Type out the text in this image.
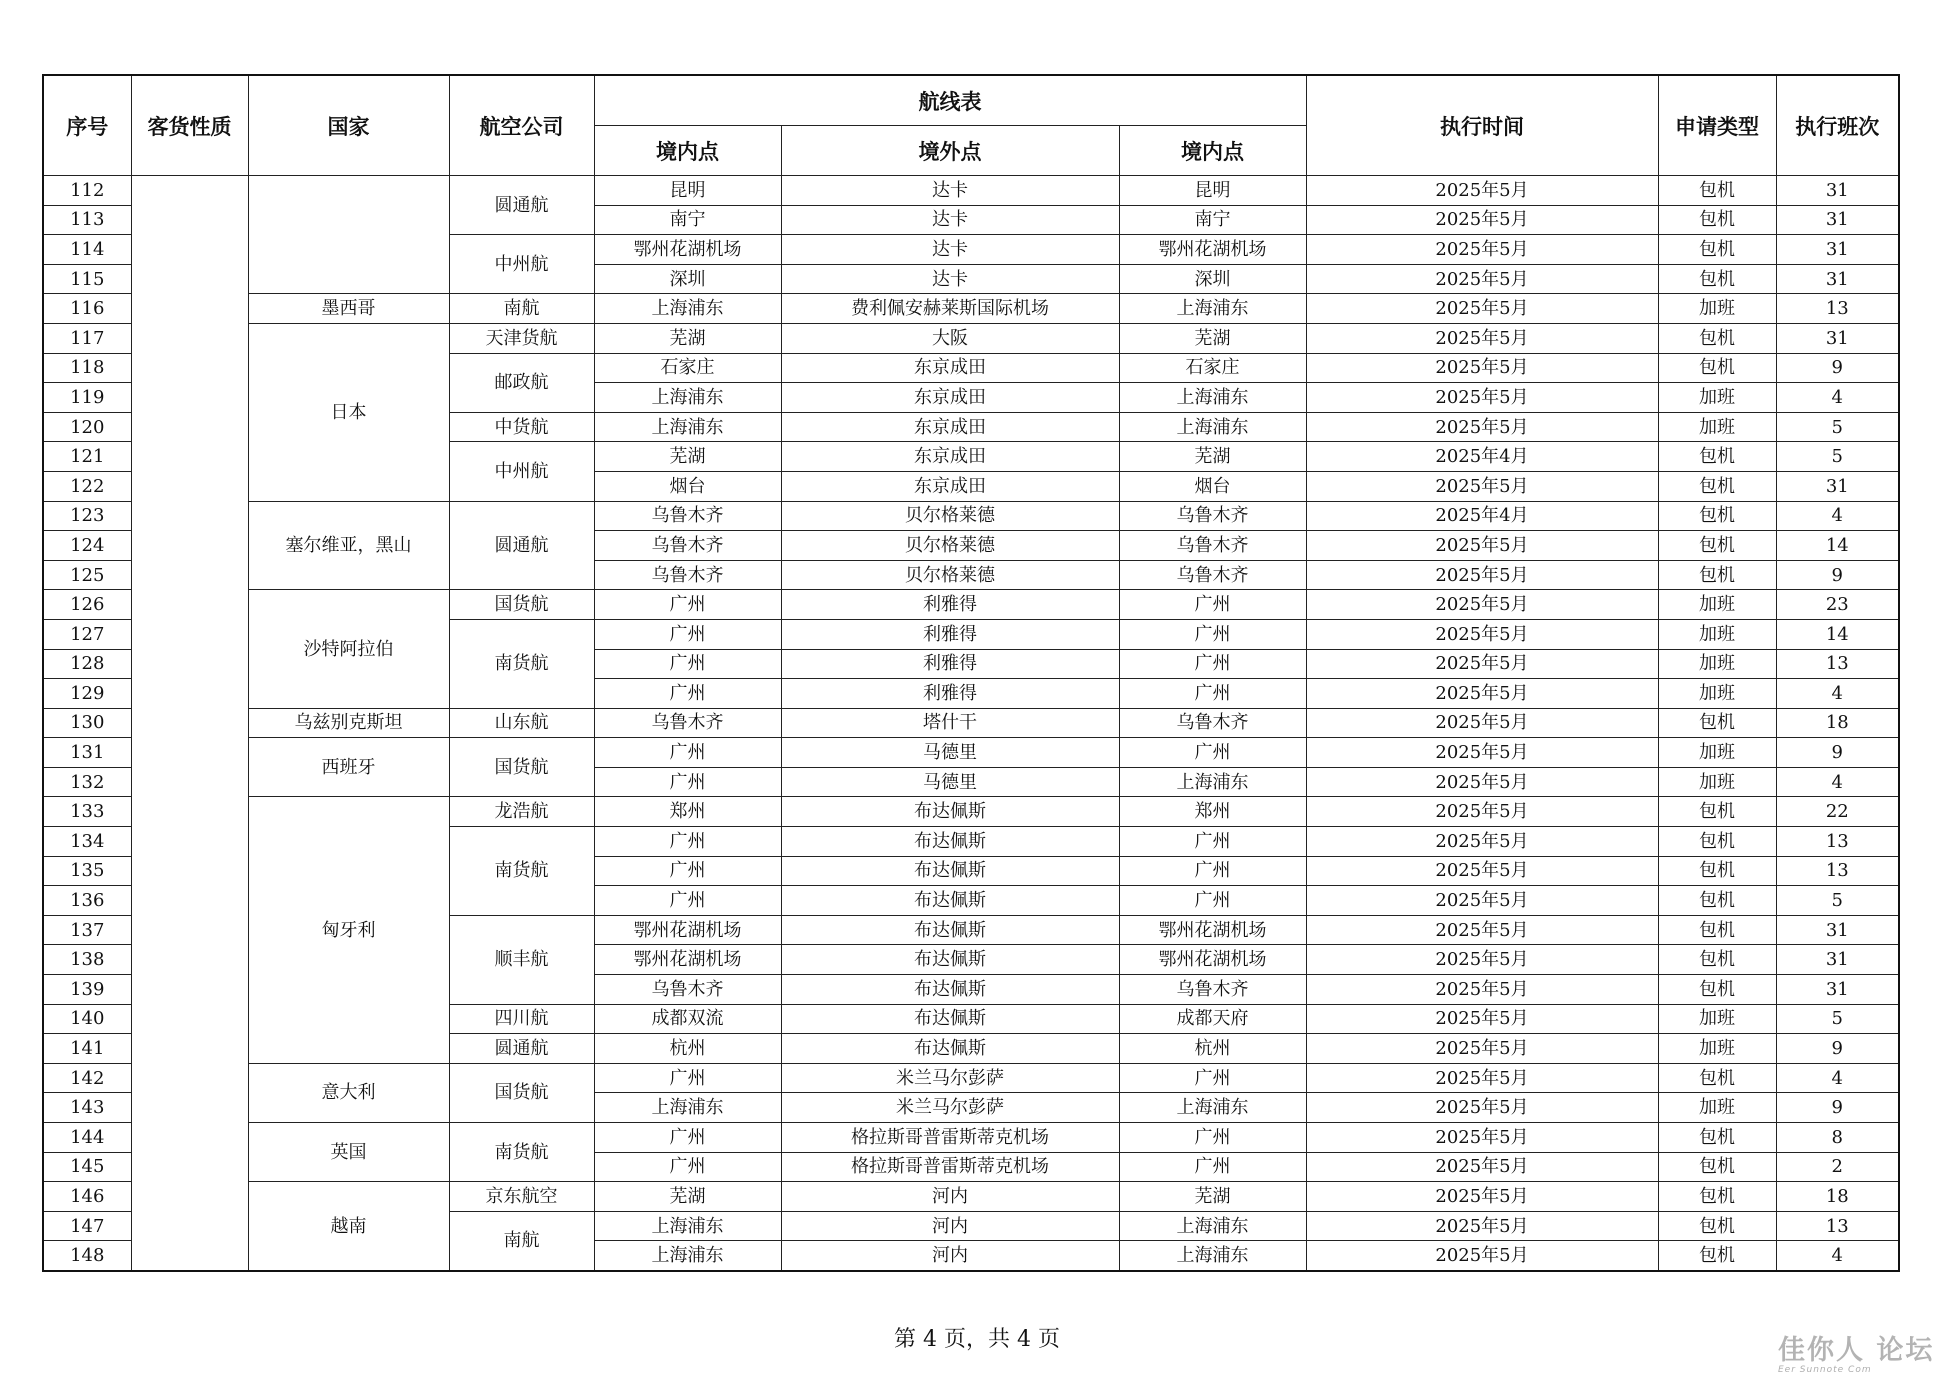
序号	客货性质	国家	航空公司	航线表			执行时间	申请类型	执行班次
				境内点	境外点	境内点			
112			圆通航	昆明	达卡	昆明	2025年5月	包机	31
113				南宁	达卡	南宁	2025年5月	包机	31
114			中州航	鄂州花湖机场	达卡	鄂州花湖机场	2025年5月	包机	31
115				深圳	达卡	深圳	2025年5月	包机	31
116		墨西哥	南航	上海浦东	费利佩安赫莱斯国际机场	上海浦东	2025年5月	加班	13
117		日本	天津货航	芜湖	大阪	芜湖	2025年5月	包机	31
118			邮政航	石家庄	东京成田	石家庄	2025年5月	包机	9
119				上海浦东	东京成田	上海浦东	2025年5月	加班	4
120			中货航	上海浦东	东京成田	上海浦东	2025年5月	加班	5
121			中州航	芜湖	东京成田	芜湖	2025年4月	包机	5
122				烟台	东京成田	烟台	2025年5月	包机	31
123		塞尔维亚，黑山	圆通航	乌鲁木齐	贝尔格莱德	乌鲁木齐	2025年4月	包机	4
124				乌鲁木齐	贝尔格莱德	乌鲁木齐	2025年5月	包机	14
125				乌鲁木齐	贝尔格莱德	乌鲁木齐	2025年5月	包机	9
126		沙特阿拉伯	国货航	广州	利雅得	广州	2025年5月	加班	23
127			南货航	广州	利雅得	广州	2025年5月	加班	14
128				广州	利雅得	广州	2025年5月	加班	13
129				广州	利雅得	广州	2025年5月	加班	4
130		乌兹别克斯坦	山东航	乌鲁木齐	塔什干	乌鲁木齐	2025年5月	包机	18
131		西班牙	国货航	广州	马德里	广州	2025年5月	加班	9
132				广州	马德里	上海浦东	2025年5月	加班	4
133		匈牙利	龙浩航	郑州	布达佩斯	郑州	2025年5月	包机	22
134			南货航	广州	布达佩斯	广州	2025年5月	包机	13
135				广州	布达佩斯	广州	2025年5月	包机	13
136				广州	布达佩斯	广州	2025年5月	包机	5
137			顺丰航	鄂州花湖机场	布达佩斯	鄂州花湖机场	2025年5月	包机	31
138				鄂州花湖机场	布达佩斯	鄂州花湖机场	2025年5月	包机	31
139				乌鲁木齐	布达佩斯	乌鲁木齐	2025年5月	包机	31
140			四川航	成都双流	布达佩斯	成都天府	2025年5月	加班	5
141			圆通航	杭州	布达佩斯	杭州	2025年5月	加班	9
142		意大利	国货航	广州	米兰马尔彭萨	广州	2025年5月	包机	4
143				上海浦东	米兰马尔彭萨	上海浦东	2025年5月	加班	9
144		英国	南货航	广州	格拉斯哥普雷斯蒂克机场	广州	2025年5月	包机	8
145				广州	格拉斯哥普雷斯蒂克机场	广州	2025年5月	包机	2
146		越南	京东航空	芜湖	河内	芜湖	2025年5月	包机	18
147			南航	上海浦东	河内	上海浦东	2025年5月	包机	13
148				上海浦东	河内	上海浦东	2025年5月	包机	4
第 4 页，共 4 页	佳你人 论坛
Eer Sunnote Com
